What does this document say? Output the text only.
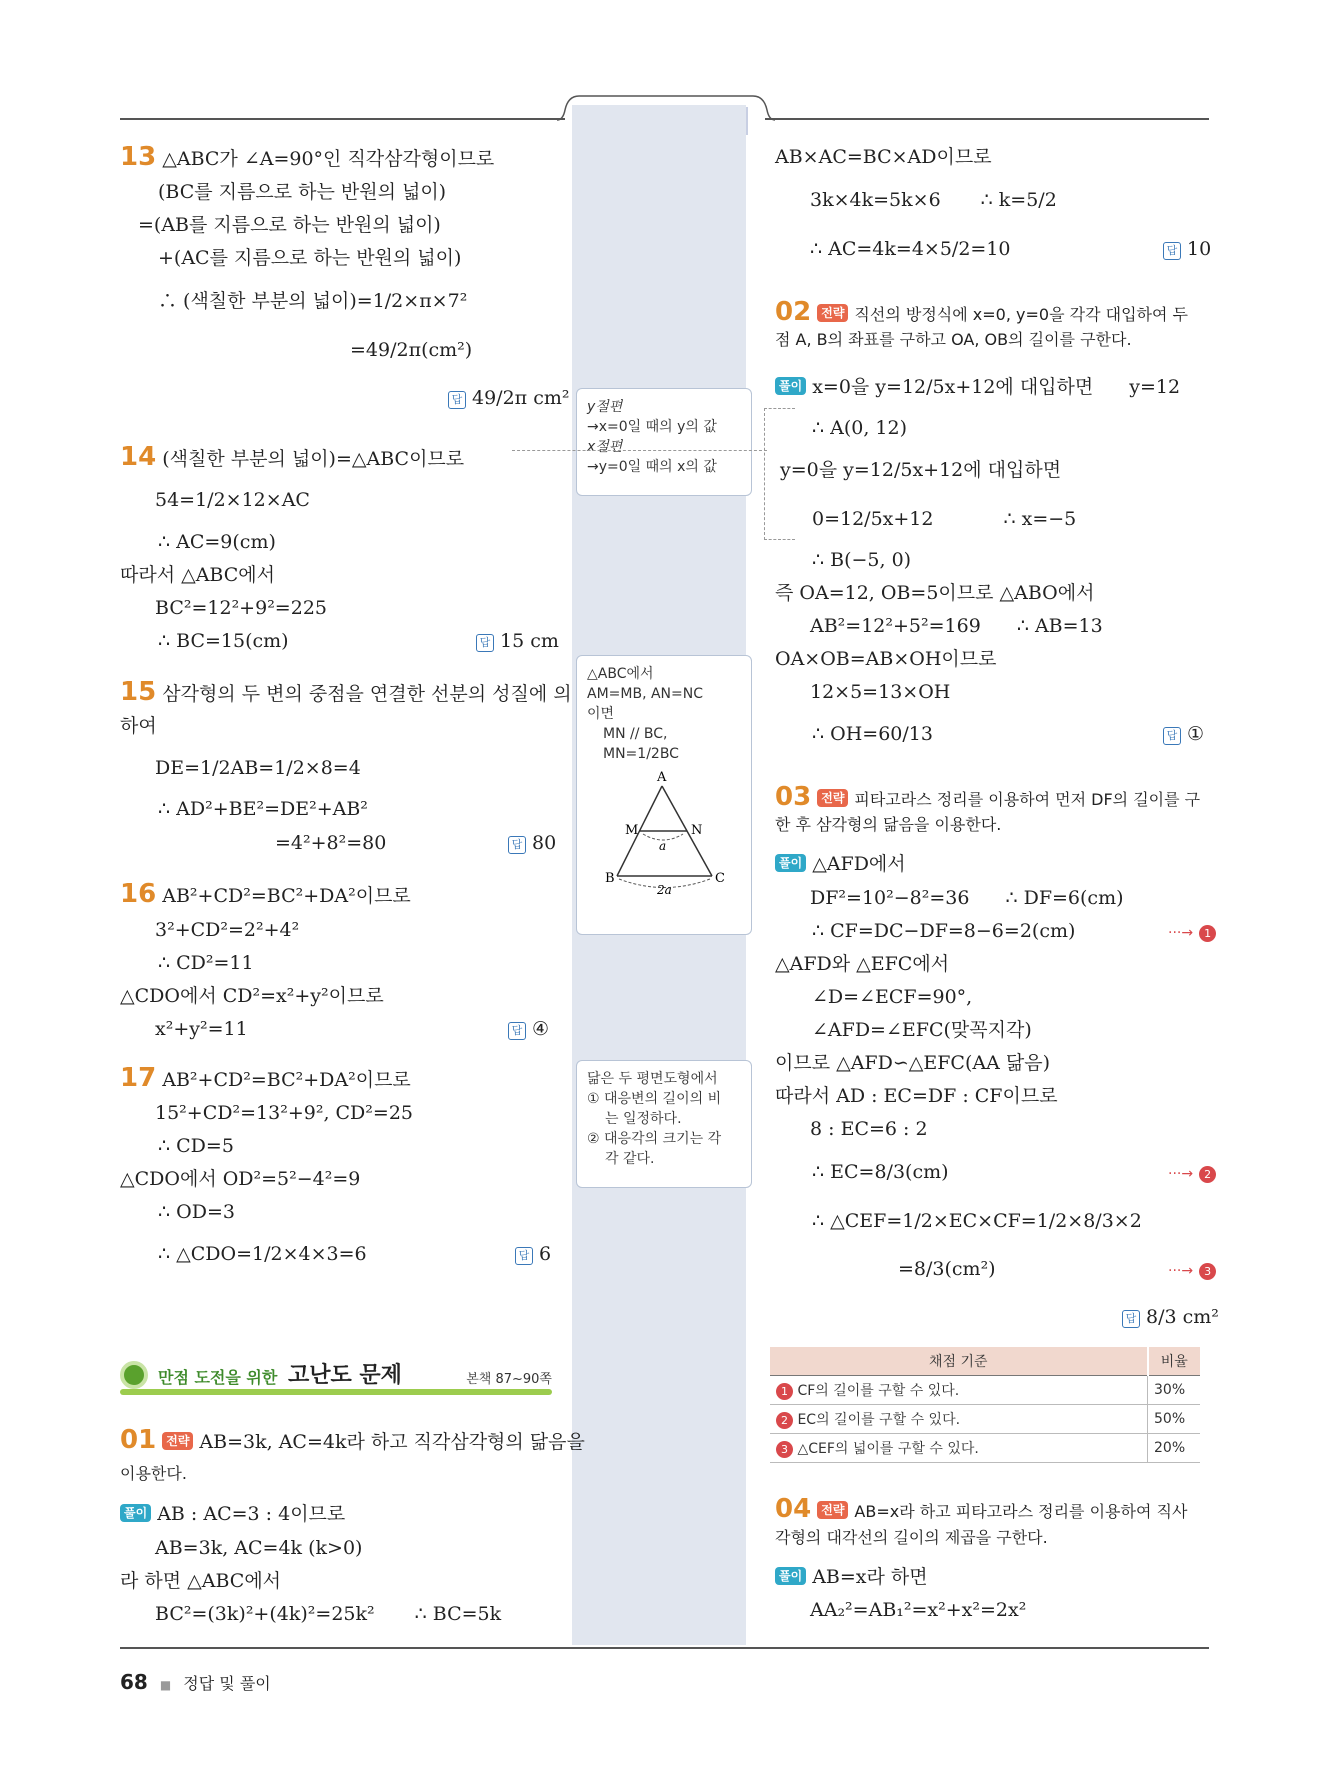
y절편
→x=0일 때의 y의 값
x절편
→y=0일 때의 x의 값
△ABC에서
AM=MB, AN=NC
이면
MN // BC,
MN=1/2BC
A
M	N
B	C
a
2a
닮은 두 평면도형에서
① 대응변의 길이의 비
는 일정하다.
② 대응각의 크기는 각
각 같다.
13 △ABC가 ∠A=90°인 직각삼각형이므로
(BC를 지름으로 하는 반원의 넓이)
=(AB를 지름으로 하는 반원의 넓이)
+(AC를 지름으로 하는 반원의 넓이)
∴ (색칠한 부분의 넓이)=1/2×π×7²
=49/2π(cm²)
답 49/2π cm²
14 (색칠한 부분의 넓이)=△ABC이므로
54=1/2×12×AC
∴ AC=9(cm)
따라서 △ABC에서
BC²=12²+9²=225
∴ BC=15(cm)	답 15 cm
15 삼각형의 두 변의 중점을 연결한 선분의 성질에 의
하여
DE=1/2AB=1/2×8=4
∴ AD²+BE²=DE²+AB²
=4²+8²=80	답 80
16 AB²+CD²=BC²+DA²이므로
3²+CD²=2²+4²
∴ CD²=11
△CDO에서 CD²=x²+y²이므로
x²+y²=11	답 ④
17 AB²+CD²=BC²+DA²이므로
15²+CD²=13²+9², CD²=25
∴ CD=5
△CDO에서 OD²=5²−4²=9
∴ OD=3
∴ △CDO=1/2×4×3=6	답 6
만점 도전을 위한 고난도 문제	본책 87~90쪽
01 전략 AB=3k, AC=4k라 하고 직각삼각형의 닮음을
이용한다.
풀이 AB : AC=3 : 4이므로
AB=3k, AC=4k (k>0)
라 하면 △ABC에서
BC²=(3k)²+(4k)²=25k² ∴ BC=5k
AB×AC=BC×AD이므로
3k×4k=5k×6 ∴ k=5/2
∴ AC=4k=4×5/2=10	답 10
02 전략 직선의 방정식에 x=0, y=0을 각각 대입하여 두
점 A, B의 좌표를 구하고 OA, OB의 길이를 구한다.
풀이 x=0을 y=12/5x+12에 대입하면 y=12
∴ A(0, 12)
y=0을 y=12/5x+12에 대입하면
0=12/5x+12	∴ x=−5
∴ B(−5, 0)
즉 OA=12, OB=5이므로 △ABO에서
AB²=12²+5²=169 ∴ AB=13
OA×OB=AB×OH이므로
12×5=13×OH
∴ OH=60/13	답 ①
03 전략 피타고라스 정리를 이용하여 먼저 DF의 길이를 구
한 후 삼각형의 닮음을 이용한다.
풀이 △AFD에서
DF²=10²−8²=36 ∴ DF=6(cm)
∴ CF=DC−DF=8−6=2(cm)	···→ 1
△AFD와 △EFC에서
∠D=∠ECF=90°,
∠AFD=∠EFC(맞꼭지각)
이므로 △AFD∽△EFC(AA 닮음)
따라서 AD : EC=DF : CF이므로
8 : EC=6 : 2
∴ EC=8/3(cm)	···→ 2
∴ △CEF=1/2×EC×CF=1/2×8/3×2
=8/3(cm²)	···→ 3
답 8/3 cm²
채점 기준	비율
1 CF의 길이를 구할 수 있다.	30%
2 EC의 길이를 구할 수 있다.	50%
3 △CEF의 넓이를 구할 수 있다.	20%
04 전략 AB=x라 하고 피타고라스 정리를 이용하여 직사
각형의 대각선의 길이의 제곱을 구한다.
풀이 AB=x라 하면
AA₂²=AB₁²=x²+x²=2x²
68 ■ 정답 및 풀이
